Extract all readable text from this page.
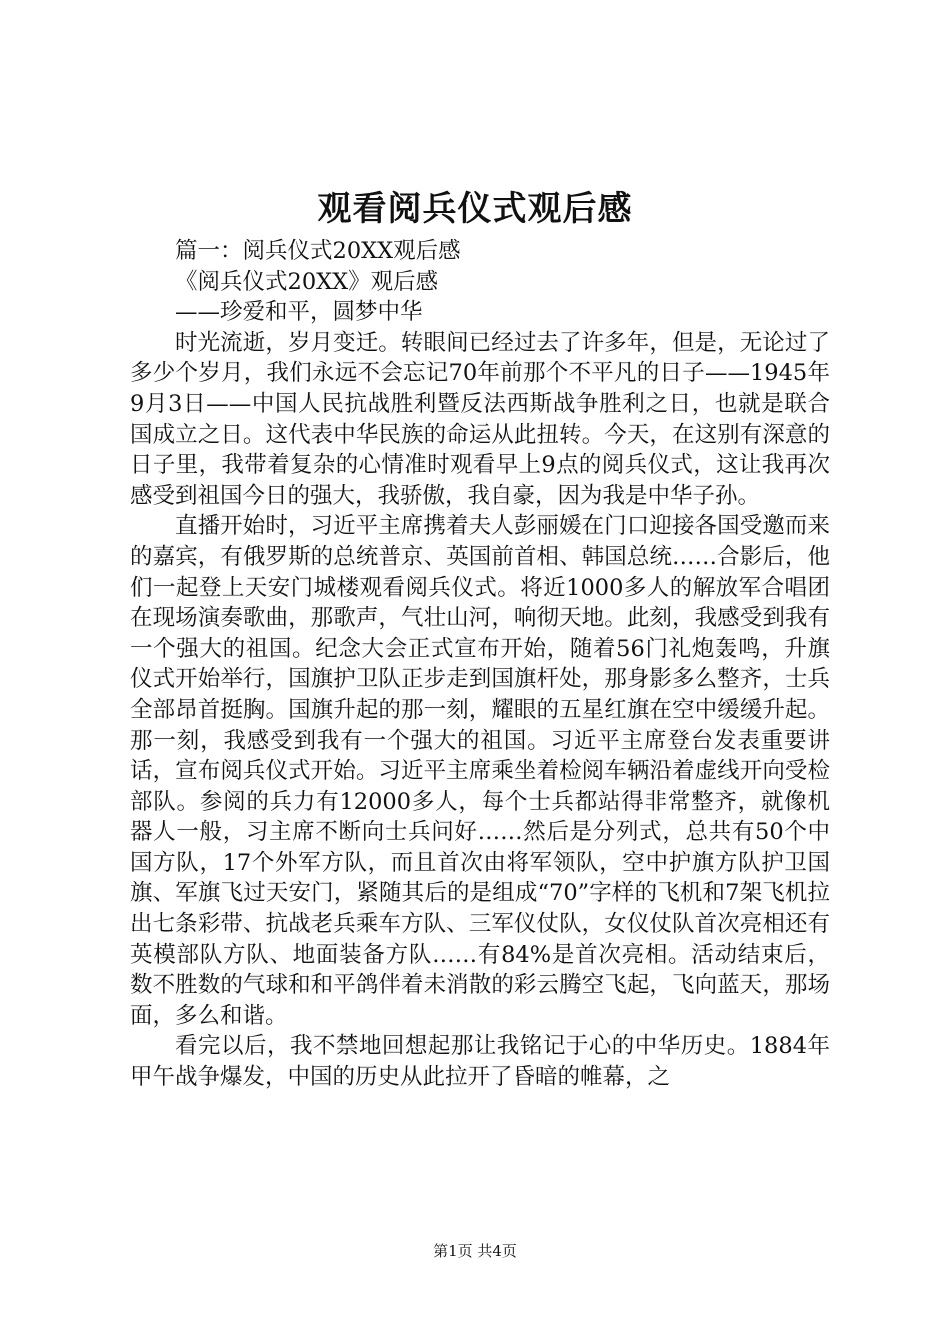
观看阅兵仪式观后感

篇一：阅兵仪式20XX观后感

《阅兵仪式20XX》观后感

——珍爱和平，圆梦中华

时光流逝，岁月变迁。转眼间已经过去了许多年，但是，无论过了多少个岁月，我们永远不会忘记70年前那个不平凡的日子——1945年9月3日——中国人民抗战胜利暨反法西斯战争胜利之日，也就是联合国成立之日。这代表中华民族的命运从此扭转。今天，在这别有深意的日子里，我带着复杂的心情准时观看早上9点的阅兵仪式，这让我再次感受到祖国今日的强大，我骄傲，我自豪，因为我是中华子孙。

直播开始时，习近平主席携着夫人彭丽媛在门口迎接各国受邀而来的嘉宾，有俄罗斯的总统普京、英国前首相、韩国总统……合影后，他们一起登上天安门城楼观看阅兵仪式。将近1000多人的解放军合唱团在现场演奏歌曲，那歌声，气壮山河，响彻天地。此刻，我感受到我有一个强大的祖国。纪念大会正式宣布开始，随着56门礼炮轰鸣，升旗仪式开始举行，国旗护卫队正步走到国旗杆处，那身影多么整齐，士兵全部昂首挺胸。国旗升起的那一刻，耀眼的五星红旗在空中缓缓升起。那一刻，我感受到我有一个强大的祖国。习近平主席登台发表重要讲话，宣布阅兵仪式开始。习近平主席乘坐着检阅车辆沿着虚线开向受检部队。参阅的兵力有12000多人，每个士兵都站得非常整齐，就像机器人一般，习主席不断向士兵问好……然后是分列式，总共有50个中国方队，17个外军方队，而且首次由将军领队，空中护旗方队护卫国旗、军旗飞过天安门，紧随其后的是组成“70”字样的飞机和7架飞机拉出七条彩带、抗战老兵乘车方队、三军仪仗队，女仪仗队首次亮相还有英模部队方队、地面装备方队……有84%是首次亮相。活动结束后，数不胜数的气球和和平鸽伴着未消散的彩云腾空飞起，飞向蓝天，那场面，多么和谐。

看完以后，我不禁地回想起那让我铭记于心的中华历史。1884年甲午战争爆发，中国的历史从此拉开了昏暗的帷幕，之

第1页 共4页
